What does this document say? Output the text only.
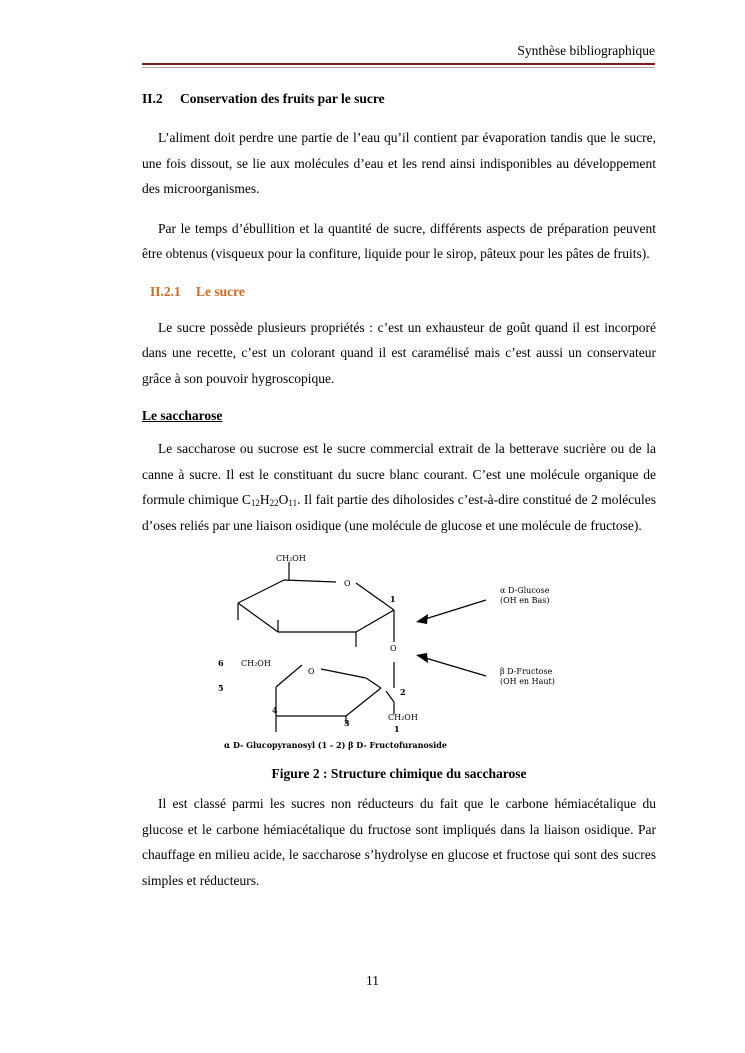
Synthèse bibliographique
II.2 Conservation des fruits par le sucre

L’aliment doit perdre une partie de l’eau qu’il contient par évaporation tandis que le sucre, une fois dissout, se lie aux molécules d’eau et les rend ainsi indisponibles au développement des microorganismes.

Par le temps d’ébullition et la quantité de sucre, différents aspects de préparation peuvent être obtenus (visqueux pour la confiture, liquide pour le sirop, pâteux pour les pâtes de fruits).

II.2.1 Le sucre

Le sucre possède plusieurs propriétés : c’est un exhausteur de goût quand il est incorporé dans une recette, c’est un colorant quand il est caramélisé mais c’est aussi un conservateur grâce à son pouvoir hygroscopique.

Le saccharose

Le saccharose ou sucrose est le sucre commercial extrait de la betterave sucrière ou de la canne à sucre. Il est le constituant du sucre blanc courant. C’est une molécule organique de formule chimique $C_{12}H_{22}O_{11}$. Il fait partie des diholosides c’est-à-dire constitué de 2 molécules d’oses reliés par une liaison osidique (une molécule de glucose et une molécule de fructose).

CH₂OH
O
1
O
α D-Glucose
(OH en Bas)
β D-Fructose
(OH en Haut)
6 CH₂OH
O
5	2
4
3
CH₂OH
1
α D- Glucopyranosyl (1 - 2) β D- Fructofuranoside
Figure 2 : Structure chimique du saccharose

Il est classé parmi les sucres non réducteurs du fait que le carbone hémiacétalique du glucose et le carbone hémiacétalique du fructose sont impliqués dans la liaison osidique. Par chauffage en milieu acide, le saccharose s’hydrolyse en glucose et fructose qui sont des sucres simples et réducteurs.

11
